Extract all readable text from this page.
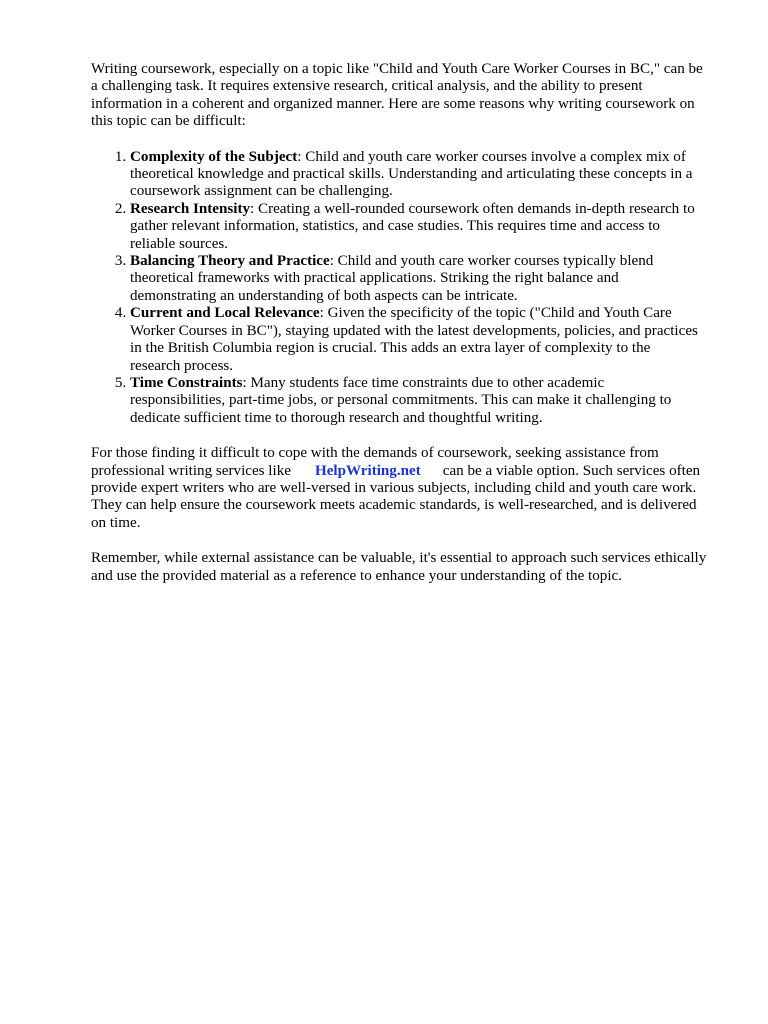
Writing coursework, especially on a topic like "Child and Youth Care Worker Courses in BC," can be
a challenging task. It requires extensive research, critical analysis, and the ability to present
information in a coherent and organized manner. Here are some reasons why writing coursework on
this topic can be difficult:

1. Complexity of the Subject: Child and youth care worker courses involve a complex mix of
theoretical knowledge and practical skills. Understanding and articulating these concepts in a
coursework assignment can be challenging.
2. Research Intensity: Creating a well-rounded coursework often demands in-depth research to
gather relevant information, statistics, and case studies. This requires time and access to
reliable sources.
3. Balancing Theory and Practice: Child and youth care worker courses typically blend
theoretical frameworks with practical applications. Striking the right balance and
demonstrating an understanding of both aspects can be intricate.
4. Current and Local Relevance: Given the specificity of the topic ("Child and Youth Care
Worker Courses in BC"), staying updated with the latest developments, policies, and practices
in the British Columbia region is crucial. This adds an extra layer of complexity to the
research process.
5. Time Constraints: Many students face time constraints due to other academic
responsibilities, part-time jobs, or personal commitments. This can make it challenging to
dedicate sufficient time to thorough research and thoughtful writing.

For those finding it difficult to cope with the demands of coursework, seeking assistance from
professional writing services like HelpWriting.net can be a viable option. Such services often
provide expert writers who are well-versed in various subjects, including child and youth care work.
They can help ensure the coursework meets academic standards, is well-researched, and is delivered
on time.

Remember, while external assistance can be valuable, it's essential to approach such services ethically
and use the provided material as a reference to enhance your understanding of the topic.
